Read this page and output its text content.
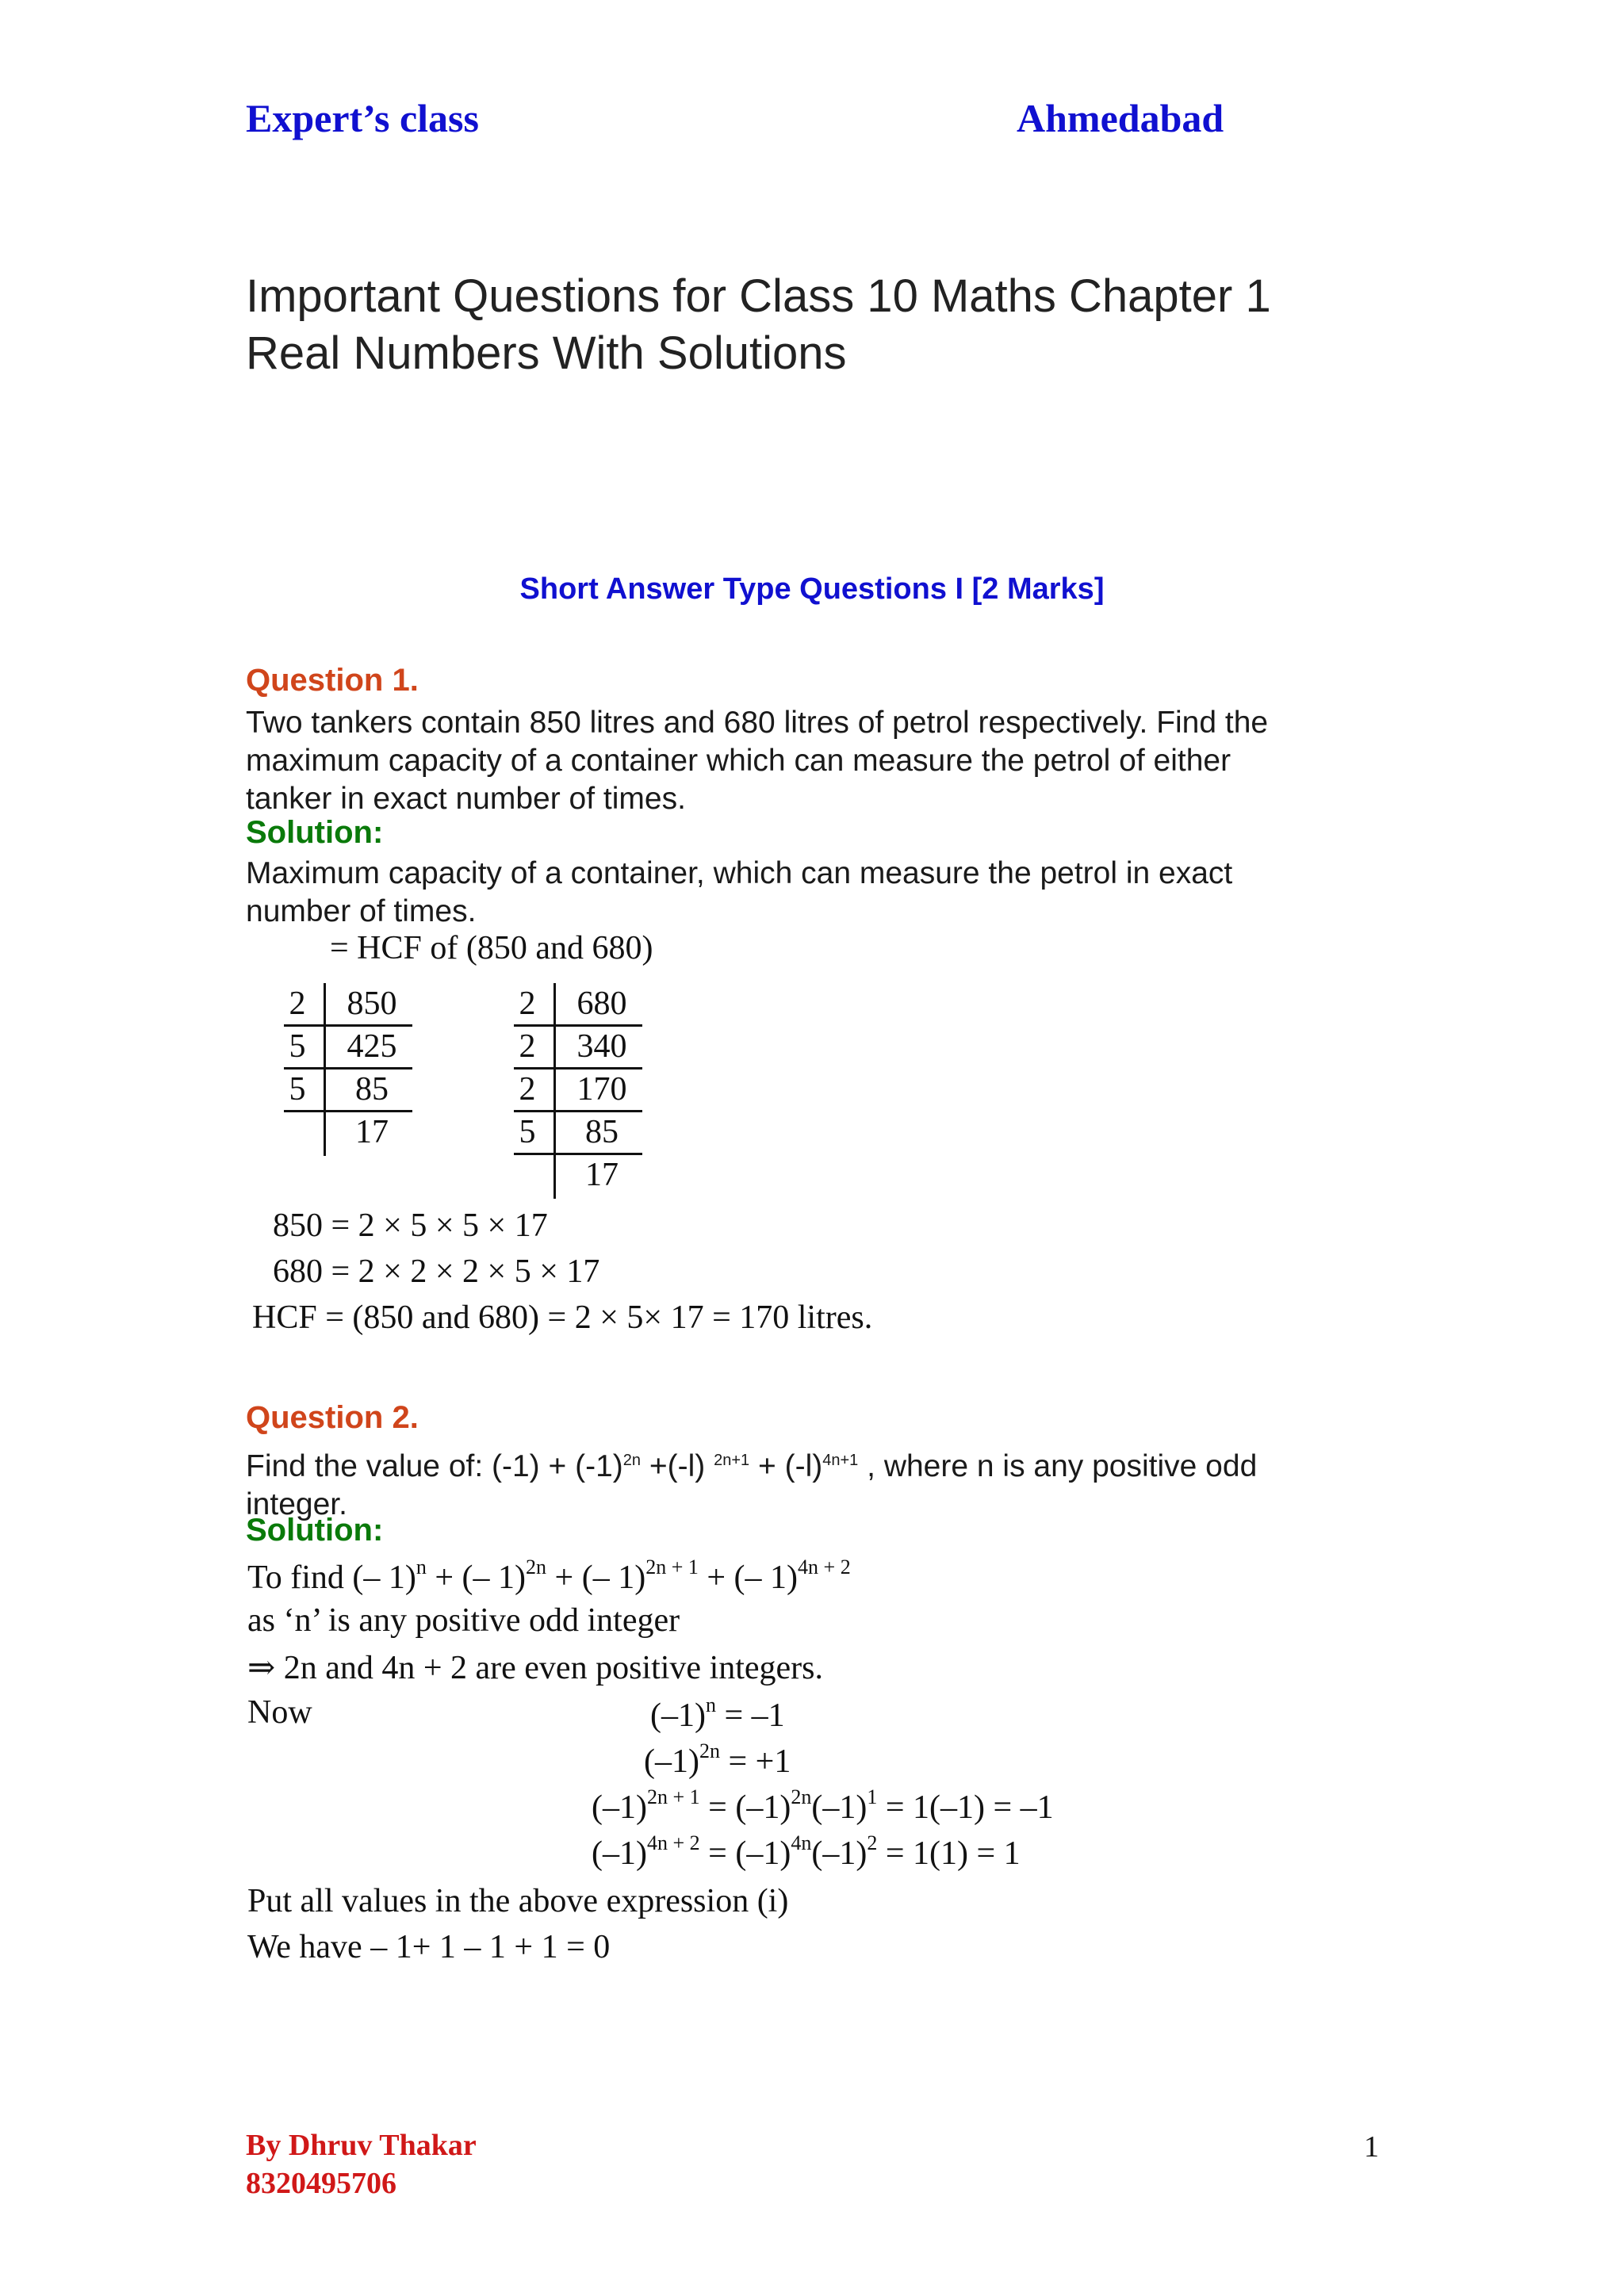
Expert’s class	Ahmedabad
Important Questions for Class 10 Maths Chapter 1
Real Numbers With Solutions
Short Answer Type Questions I [2 Marks]
Question 1.
Two tankers contain 850 litres and 680 litres of petrol respectively. Find the
maximum capacity of a container which can measure the petrol of either
tanker in exact number of times.
Solution:
Maximum capacity of a container, which can measure the petrol in exact
number of times.
= HCF of (850 and 680)
2
5
5
850
425
85
17
2
2
2
5
680
340
170
85
17
850 = 2 × 5 × 5 × 17
680 = 2 × 2 × 2 × 5 × 17
HCF = (850 and 680) = 2 × 5× 17 = 170 litres.
Question 2.
Find the value of: $(-1) + (-1)^{2n} +(-l) ^{2n+1} + (-l)^{4n+1}$ , where n is any positive odd
integer.
Solution:
To find (– 1)$^n$ + (– 1)$^{2n}$ + (– 1)$^{2n + 1}$ + (– 1)$^{4n + 2}$
as ‘n’ is any positive odd integer
⇒ 2n and 4n + 2 are even positive integers.
Now	$(-1)^n = -1$
$(-1)^{2n} = +1$
$(-1)^{2n + 1} = (-1)^{2n}(-1)^1 = 1(-1) = -1$
$(-1)^{4n + 2} = (-1)^{4n}(-1)^2 = 1(1) = 1$
Put all values in the above expression (i)
We have – 1+ 1 – 1 + 1 = 0
By Dhruv Thakar
8320495706
1
